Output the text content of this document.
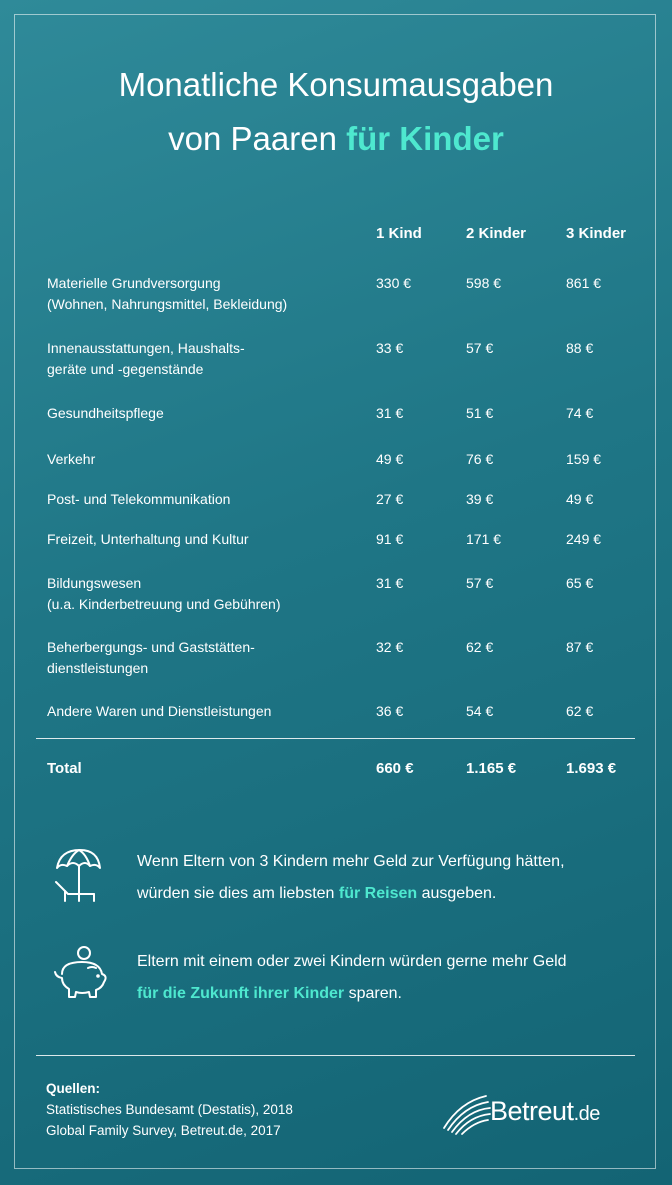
Monatliche Konsumausgaben
von Paaren für Kinder
1 Kind	2 Kinder	3 Kinder
Materielle Grundversorgung
(Wohnen, Nahrungsmittel, Bekleidung)
330 €	598 €	861 €
Innenausstattungen, Haushalts-
geräte und -gegenstände
33 €	57 €	88 €
Gesundheitspflege	31 €	51 €	74 €
Verkehr	49 €	76 €	159 €
Post- und Telekommunikation	27 €	39 €	49 €
Freizeit, Unterhaltung und Kultur	91 €	171 €	249 €
Bildungswesen
(u.a. Kinderbetreuung und Gebühren)
31 €	57 €	65 €
Beherbergungs- und Gaststätten-
dienstleistungen
32 €	62 €	87 €
Andere Waren und Dienstleistungen	36 €	54 €	62 €
Total	660 €	1.165 €	1.693 €
Wenn Eltern von 3 Kindern mehr Geld zur Verfügung hätten,
würden sie dies am liebsten für Reisen ausgeben.
Eltern mit einem oder zwei Kindern würden gerne mehr Geld
für die Zukunft ihrer Kinder sparen.
Quellen:
Statistisches Bundesamt (Destatis), 2018
Global Family Survey, Betreut.de, 2017
Betreut.de
